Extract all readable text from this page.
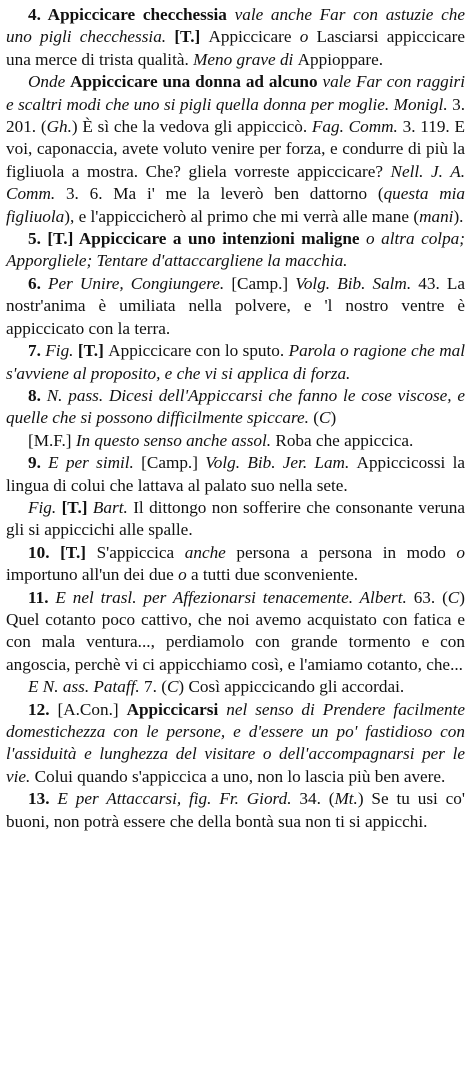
4. Appiccicare checchessia vale anche Far con astuzie che uno pigli checchessia. [T.] Appiccicare o Lasciarsi appiccicare una merce di trista qualità. Meno grave di Appioppare.

Onde Appiccicare una donna ad alcuno vale Far con raggiri e scaltri modi che uno si pigli quella donna per moglie. Monigl. 3. 201. (Gh.) È sì che la vedova gli appiccicò. Fag. Comm. 3. 119. E voi, caponaccia, avete voluto venire per forza, e condurre di più la figliuola a mostra. Che? gliela vorreste appiccicare? Nell. J. A. Comm. 3. 6. Ma i' me la leverò ben dattorno (questa mia figliuola), e l'appiccicherò al primo che mi verrà alle mane (mani).

5. [T.] Appiccicare a uno intenzioni maligne o altra colpa; Apporgliele; Tentare d'attaccargliene la macchia.

6. Per Unire, Congiungere. [Camp.] Volg. Bib. Salm. 43. La nostr'anima è umiliata nella polvere, e 'l nostro ventre è appiccicato con la terra.

7. Fig. [T.] Appiccicare con lo sputo. Parola o ragione che mal s'avviene al proposito, e che vi si applica di forza.

8. N. pass. Dicesi dell'Appiccarsi che fanno le cose viscose, e quelle che si possono difficilmente spiccare. (C)

[M.F.] In questo senso anche assol. Roba che appiccica.

9. E per simil. [Camp.] Volg. Bib. Jer. Lam. Appiccicossi la lingua di colui che lattava al palato suo nella sete.

Fig. [T.] Bart. Il dittongo non sofferire che consonante veruna gli si appiccichi alle spalle.

10. [T.] S'appiccica anche persona a persona in modo o importuno all'un dei due o a tutti due sconveniente.

11. E nel trasl. per Affezionarsi tenacemente. Albert. 63. (C) Quel cotanto poco cattivo, che noi avemo acquistato con fatica e con mala ventura..., perdiamolo con grande tormento e con angoscia, perchè vi ci appicchiamo così, e l'amiamo cotanto, che...

E N. ass. Pataff. 7. (C) Così appiccicando gli accordai.

12. [A.Con.] Appiccicarsi nel senso di Prendere facilmente domestichezza con le persone, e d'essere un po' fastidioso con l'assiduità e lunghezza del visitare o dell'accompagnarsi per le vie. Colui quando s'appiccica a uno, non lo lascia più ben avere.

13. E per Attaccarsi, fig. Fr. Giord. 34. (Mt.) Se tu usi co' buoni, non potrà essere che della bontà sua non ti si appicchi.
